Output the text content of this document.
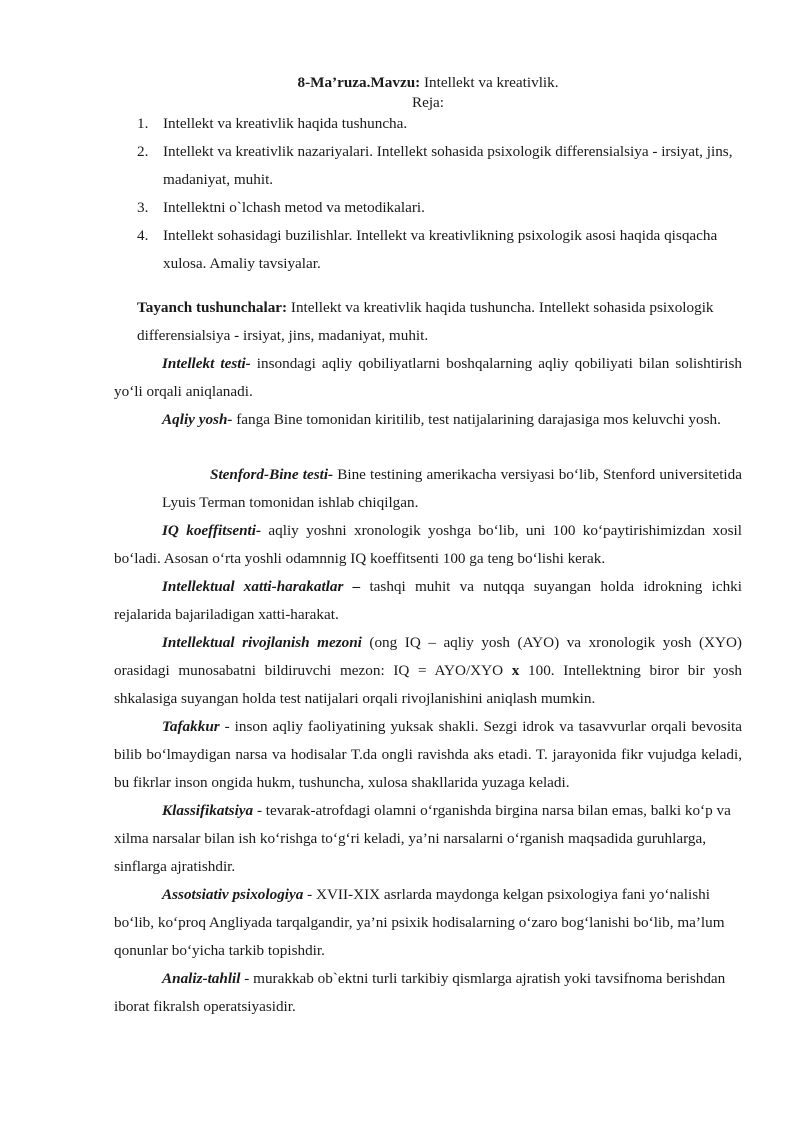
8-Ma’ruza.Mavzu: Intellekt va kreativlik.
Reja:
1. Intellekt va kreativlik haqida tushuncha.
2. Intellekt va kreativlik nazariyalari. Intellekt sohasida psixologik differensialsiya - irsiyat, jins, madaniyat, muhit.
3. Intellektni o`lchash metod va metodikalari.
4. Intellekt sohasidagi buzilishlar. Intellekt va kreativlikning psixologik asosi haqida qisqacha xulosa. Amaliy tavsiyalar.
Tayanch tushunchalar: Intellekt va kreativlik haqida tushuncha. Intellekt sohasida psixologik differensialsiya - irsiyat, jins, madaniyat, muhit.
Intellekt testi- insondagi aqliy qobiliyatlarni boshqalarning aqliy qobiliyati bilan solishtirish yo‘li orqali aniqlanadi.
Aqliy yosh- fanga Bine tomonidan kiritilib, test natijalarining darajasiga mos keluvchi yosh.
Stenford-Bine testi- Bine testining amerikacha versiyasi bo‘lib, Stenford universitetida Lyuis Terman tomonidan ishlab chiqilgan.
IQ koeffitsenti- aqliy yoshni xronologik yoshga bo‘lib, uni 100 ko‘paytirishimizdan xosil bo‘ladi. Asosan o‘rta yoshli odamnnig IQ koeffitsenti 100 ga teng bo‘lishi kerak.
Intellektual xatti-harakatlar – tashqi muhit va nutqqa suyangan holda idrokning ichki rejalarida bajariladigan xatti-harakat.
Intellektual rivojlanish mezoni (ong IQ – aqliy yosh (AYO) va xronologik yosh (XYO) orasidagi munosabatni bildiruvchi mezon: IQ = AYO/XYO x 100. Intellektning biror bir yosh shkalasiga suyangan holda test natijalari orqali rivojlanishini aniqlash mumkin.
Tafakkur - inson aqliy faoliyatining yuksak shakli. Sezgi idrok va tasavvurlar orqali bevosita bilib bo‘lmaydigan narsa va hodisalar T.da ongli ravishda aks etadi. T. jarayonida fikr vujudga keladi, bu fikrlar inson ongida hukm, tushuncha, xulosa shakllarida yuzaga keladi.
Klassifikatsiya - tevarak-atrofdagi olamni o‘rganishda birgina narsa bilan emas, balki ko‘p va xilma narsalar bilan ish ko‘rishga to‘g‘ri keladi, ya’ni narsalarni o‘rganish maqsadida guruhlarga, sinflarga ajratishdir.
Assotsiativ psixologiya - XVII-XIX asrlarda maydonga kelgan psixologiya fani yo‘nalishi bo‘lib, ko‘proq Angliyada tarqalgandir, ya’ni psixik hodisalarning o‘zaro bog‘lanishi bo‘lib, ma’lum qonunlar bo‘yicha tarkib topishdir.
Analiz-tahlil - murakkab ob`ektni turli tarkibiy qismlarga ajratish yoki tavsifnoma berishdan iborat fikralsh operatsiyasidir.
